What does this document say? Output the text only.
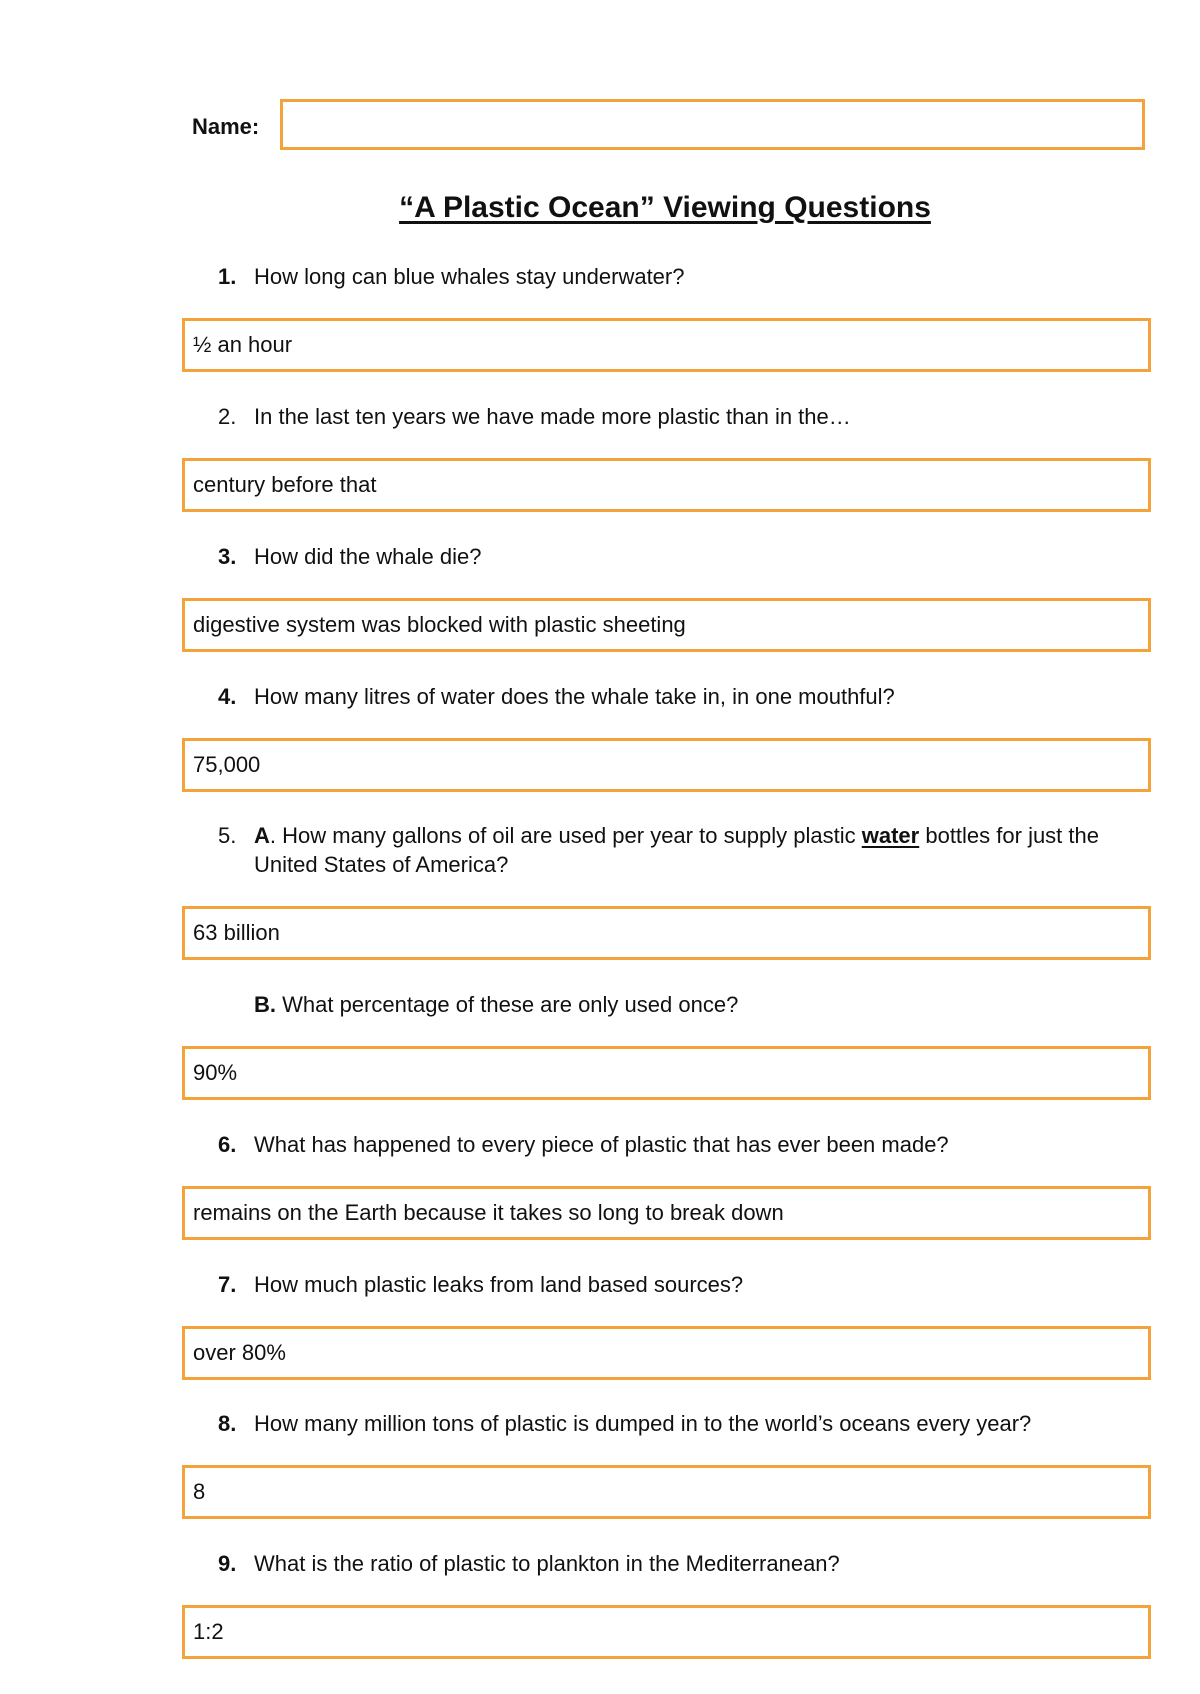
Name:
“A Plastic Ocean” Viewing Questions
1. How long can blue whales stay underwater?
½ an hour
2. In the last ten years we have made more plastic than in the…
century before that
3. How did the whale die?
digestive system was blocked with plastic sheeting
4. How many litres of water does the whale take in, in one mouthful?
75,000
5. A. How many gallons of oil are used per year to supply plastic water bottles for just the United States of America?
63 billion
B. What percentage of these are only used once?
90%
6. What has happened to every piece of plastic that has ever been made?
remains on the Earth because it takes so long to break down
7. How much plastic leaks from land based sources?
over 80%
8. How many million tons of plastic is dumped in to the world’s oceans every year?
8
9. What is the ratio of plastic to plankton in the Mediterranean?
1:2
